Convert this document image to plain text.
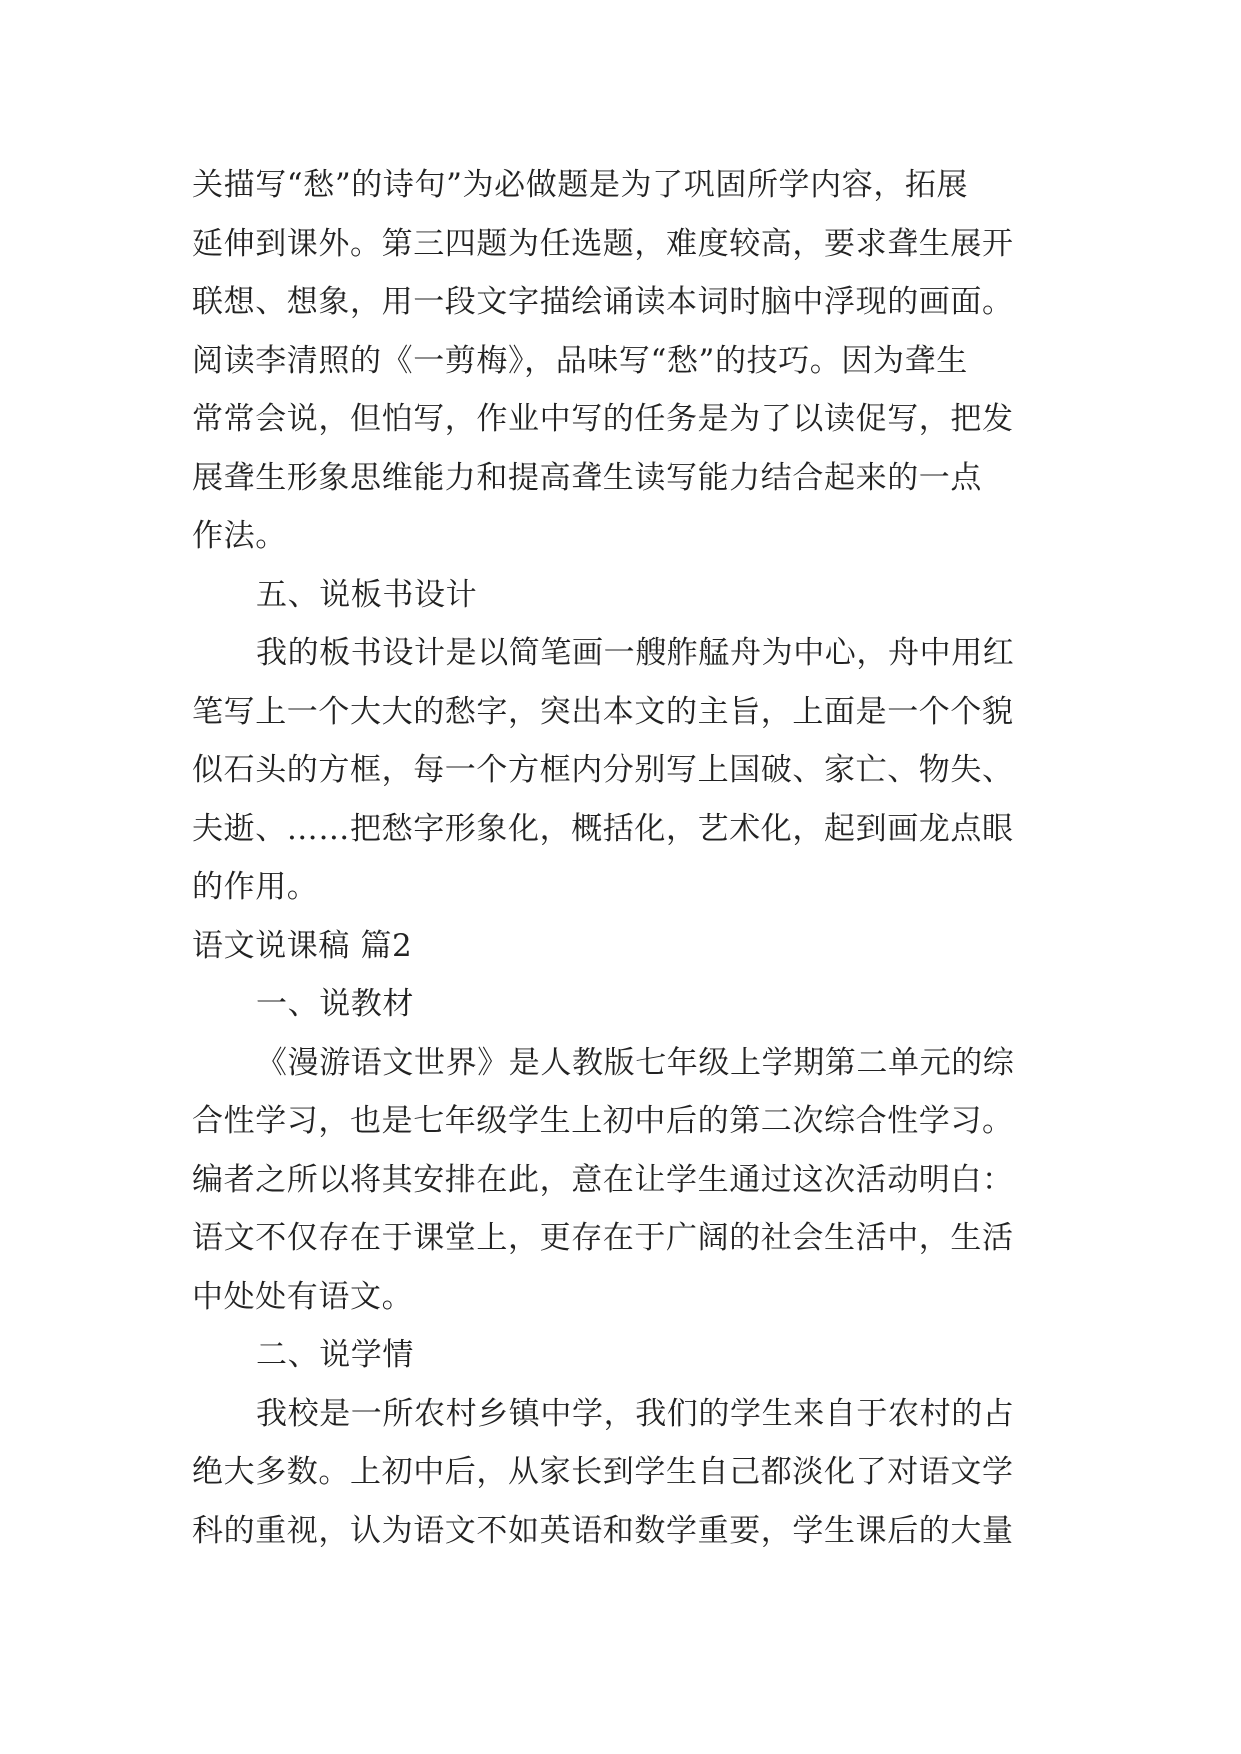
关描写“愁”的诗句”为必做题是为了巩固所学内容，拓展
延伸到课外。第三四题为任选题，难度较高，要求聋生展开
联想、想象，用一段文字描绘诵读本词时脑中浮现的画面。
阅读李清照的《一剪梅》，品味写“愁”的技巧。因为聋生
常常会说，但怕写，作业中写的任务是为了以读促写，把发
展聋生形象思维能力和提高聋生读写能力结合起来的一点
作法。
五、说板书设计
我的板书设计是以简笔画一艘舴艋舟为中心，舟中用红
笔写上一个大大的愁字，突出本文的主旨，上面是一个个貌
似石头的方框，每一个方框内分别写上国破、家亡、物失、
夫逝、……把愁字形象化，概括化，艺术化，起到画龙点眼
的作用。
语文说课稿 篇2
一、说教材
《漫游语文世界》是人教版七年级上学期第二单元的综
合性学习，也是七年级学生上初中后的第二次综合性学习。
编者之所以将其安排在此，意在让学生通过这次活动明白：
语文不仅存在于课堂上，更存在于广阔的社会生活中，生活
中处处有语文。
二、说学情
我校是一所农村乡镇中学，我们的学生来自于农村的占
绝大多数。上初中后，从家长到学生自己都淡化了对语文学
科的重视，认为语文不如英语和数学重要，学生课后的大量
